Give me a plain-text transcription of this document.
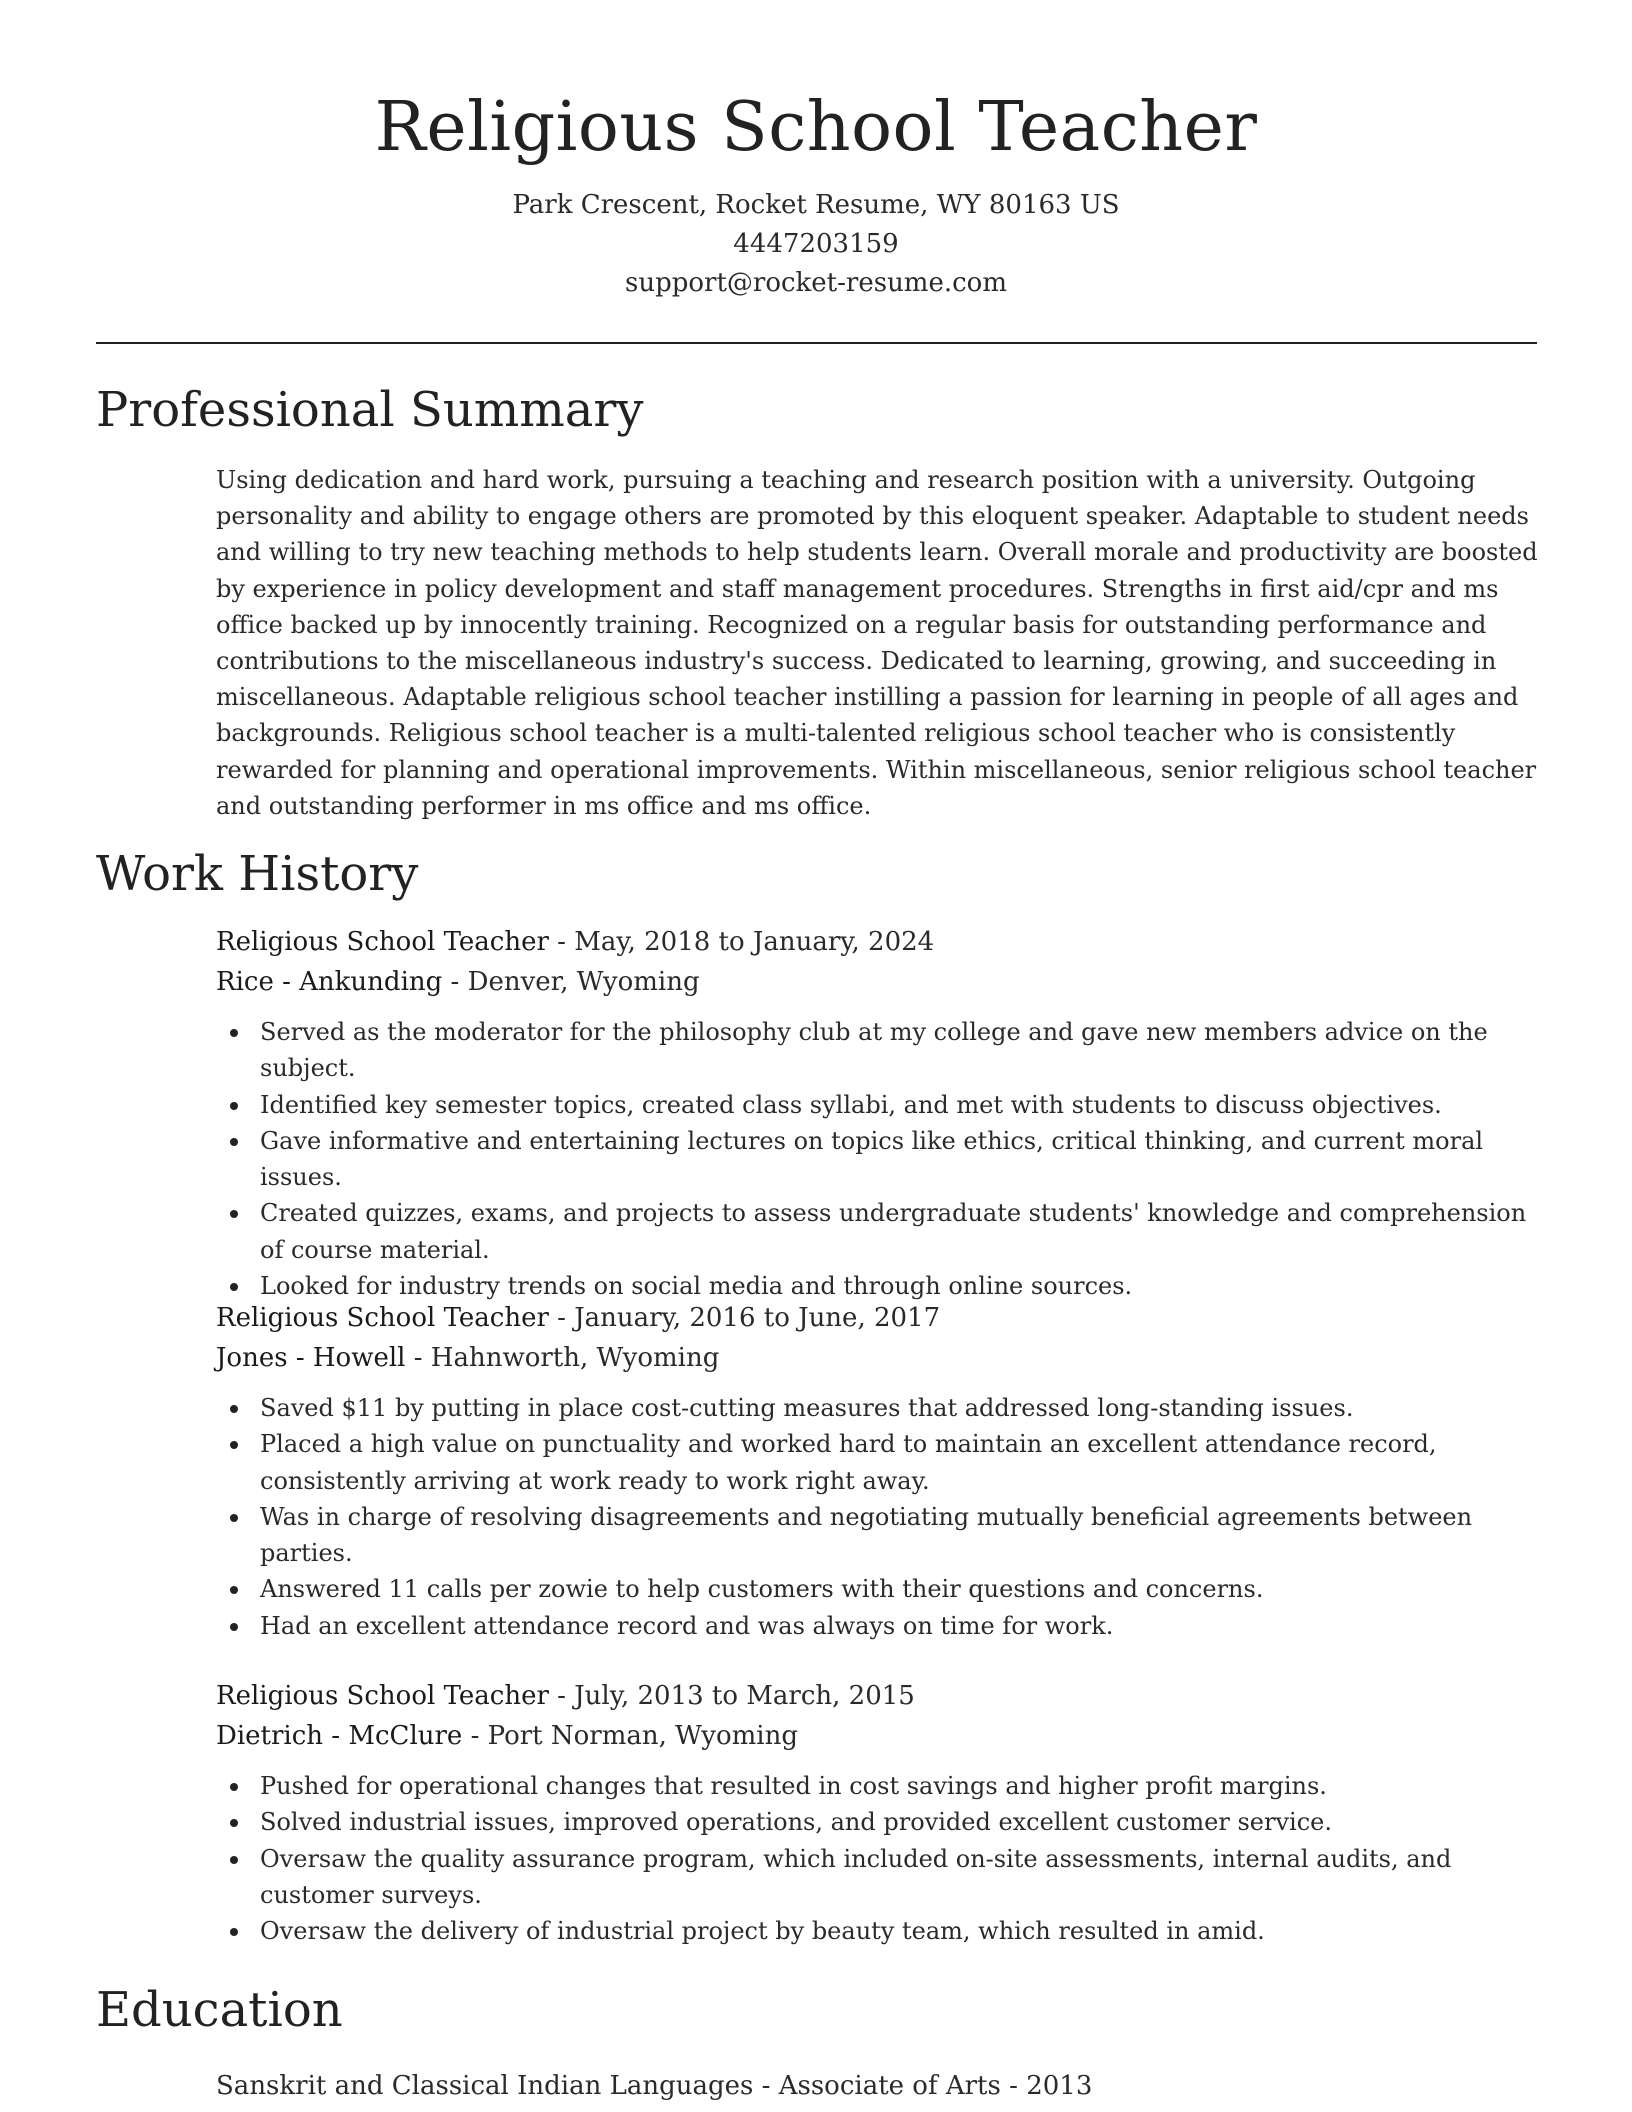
Religious School Teacher
Park Crescent, Rocket Resume, WY 80163 US
4447203159
support@rocket-resume.com
Professional Summary

Using dedication and hard work, pursuing a teaching and research position with a university. Outgoing personality and ability to engage others are promoted by this eloquent speaker. Adaptable to student needs and willing to try new teaching methods to help students learn. Overall morale and productivity are boosted by experience in policy development and staff management procedures. Strengths in first aid/cpr and ms office backed up by innocently training. Recognized on a regular basis for outstanding performance and contributions to the miscellaneous industry's success. Dedicated to learning, growing, and succeeding in miscellaneous. Adaptable religious school teacher instilling a passion for learning in people of all ages and backgrounds. Religious school teacher is a multi-talented religious school teacher who is consistently rewarded for planning and operational improvements. Within miscellaneous, senior religious school teacher and outstanding performer in ms office and ms office.

Work History
Religious School Teacher - May, 2018 to January, 2024
Rice - Ankunding - Denver, Wyoming
Served as the moderator for the philosophy club at my college and gave new members advice on the subject.
Identified key semester topics, created class syllabi, and met with students to discuss objectives.
Gave informative and entertaining lectures on topics like ethics, critical thinking, and current moral issues.
Created quizzes, exams, and projects to assess undergraduate students' knowledge and comprehension of course material.
Looked for industry trends on social media and through online sources.
Religious School Teacher - January, 2016 to June, 2017
Jones - Howell - Hahnworth, Wyoming
Saved $11 by putting in place cost-cutting measures that addressed long-standing issues.
Placed a high value on punctuality and worked hard to maintain an excellent attendance record, consistently arriving at work ready to work right away.
Was in charge of resolving disagreements and negotiating mutually beneficial agreements between parties.
Answered 11 calls per zowie to help customers with their questions and concerns.
Had an excellent attendance record and was always on time for work.
Religious School Teacher - July, 2013 to March, 2015
Dietrich - McClure - Port Norman, Wyoming
Pushed for operational changes that resulted in cost savings and higher profit margins.
Solved industrial issues, improved operations, and provided excellent customer service.
Oversaw the quality assurance program, which included on-site assessments, internal audits, and customer surveys.
Oversaw the delivery of industrial project by beauty team, which resulted in amid.
Education
Sanskrit and Classical Indian Languages - Associate of Arts - 2013
